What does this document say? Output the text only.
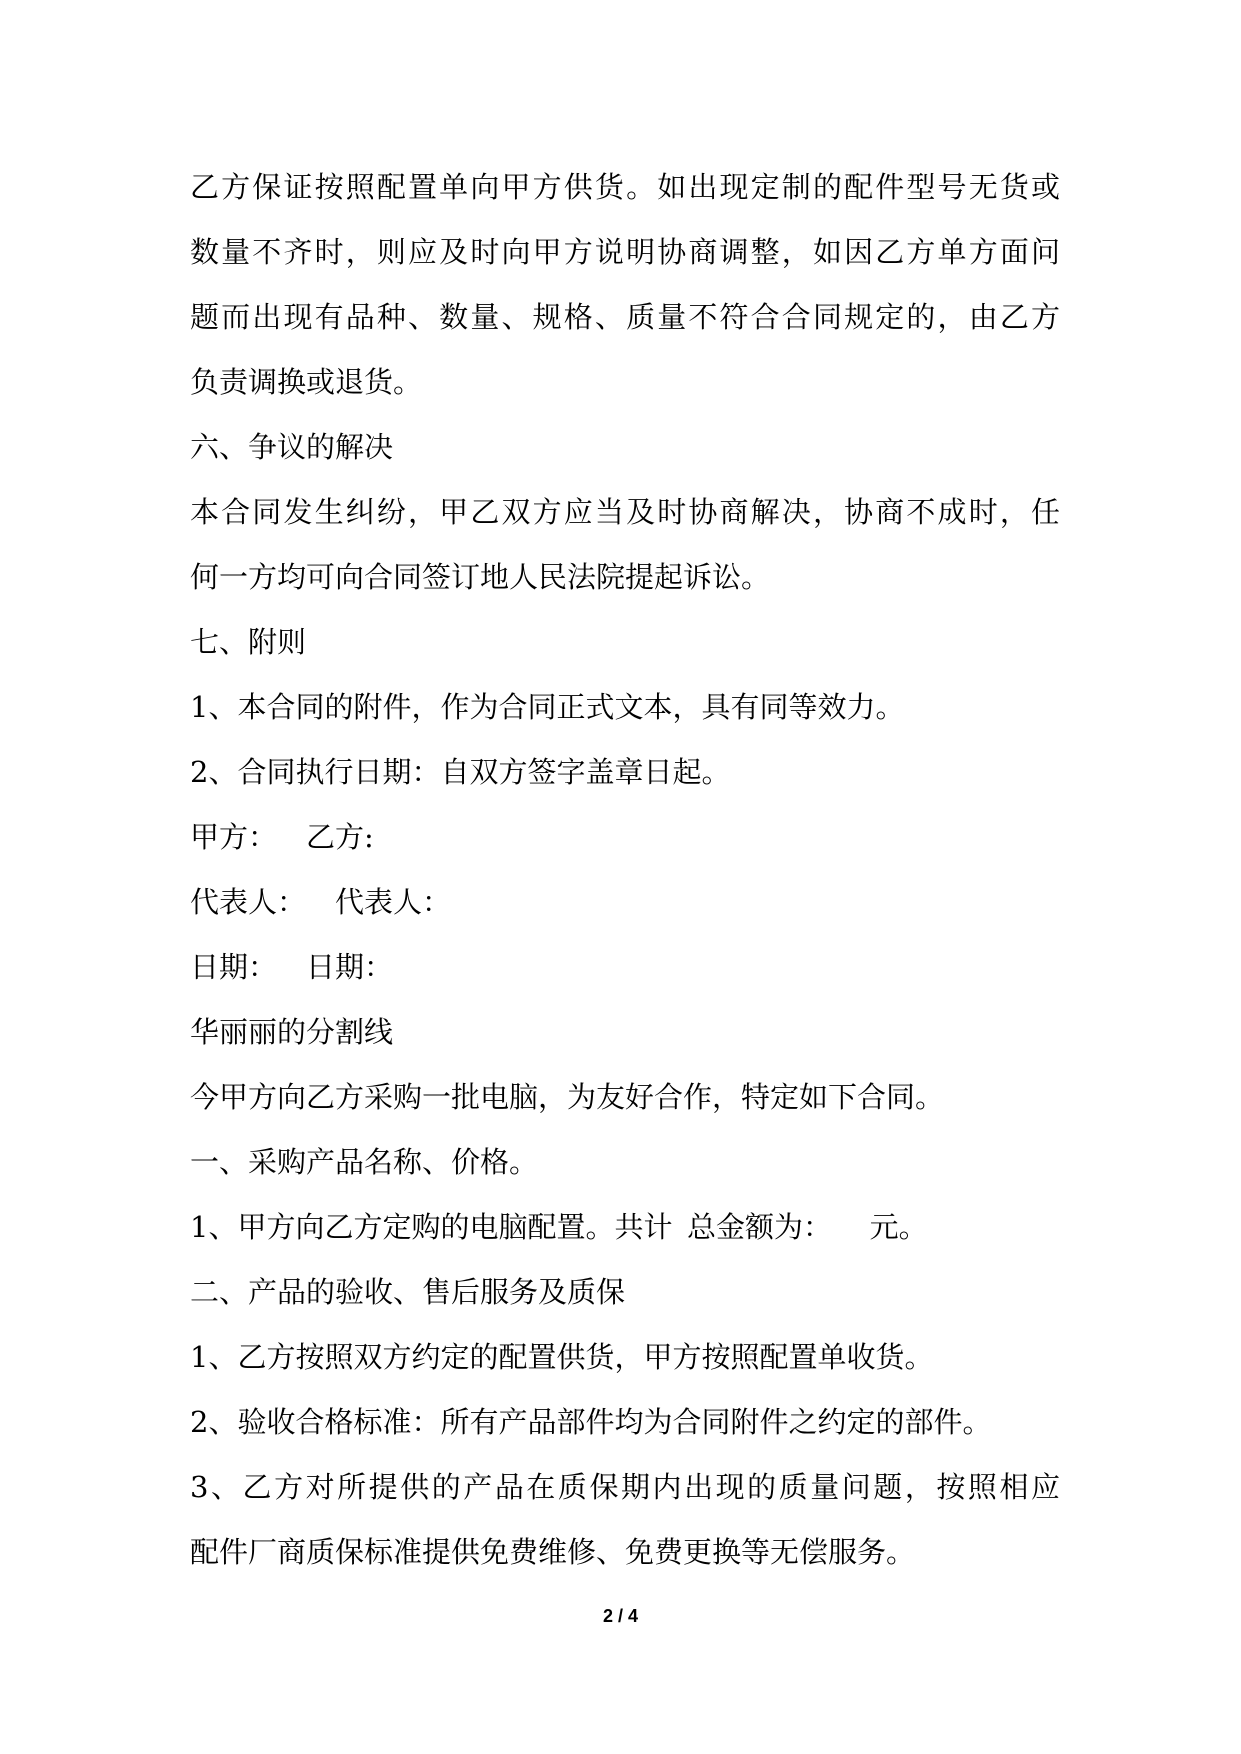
乙方保证按照配置单向甲方供货。如出现定制的配件型号无货或

数量不齐时，则应及时向甲方说明协商调整，如因乙方单方面问

题而出现有品种、数量、规格、质量不符合合同规定的，由乙方

负责调换或退货。

六、争议的解决

本合同发生纠纷，甲乙双方应当及时协商解决，协商不成时，任

何一方均可向合同签订地人民法院提起诉讼。

七、附则

1、本合同的附件，作为合同正式文本，具有同等效力。

2、合同执行日期：自双方签字盖章日起。

甲方： 乙方:

代表人： 代表人：

日期： 日期：

华丽丽的分割线

今甲方向乙方采购一批电脑，为友好合作，特定如下合同。

一、采购产品名称、价格。

1、甲方向乙方定购的电脑配置。共计 总金额为： 元。

二、产品的验收、售后服务及质保

1、乙方按照双方约定的配置供货，甲方按照配置单收货。

2、验收合格标准：所有产品部件均为合同附件之约定的部件。

3、乙方对所提供的产品在质保期内出现的质量问题，按照相应

配件厂商质保标准提供免费维修、免费更换等无偿服务。

2 / 4
